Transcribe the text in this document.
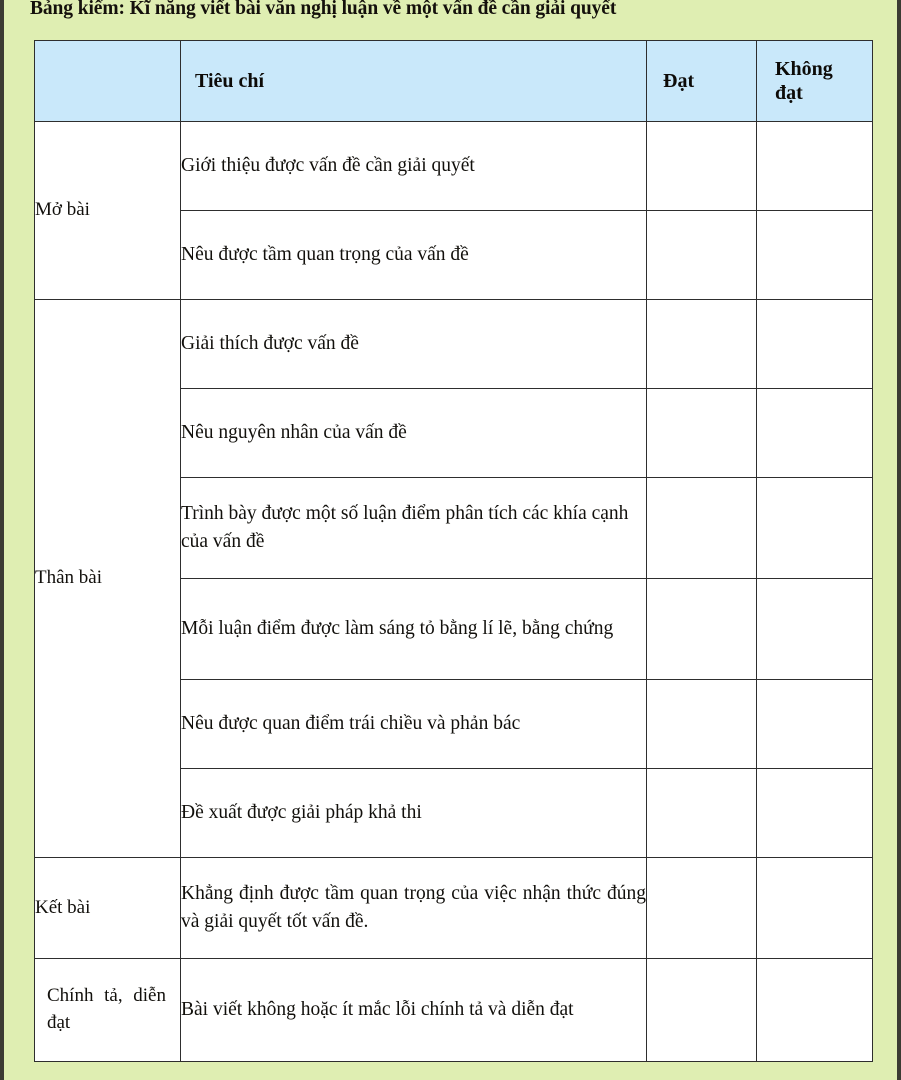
Bảng kiểm: Kĩ năng viết bài văn nghị luận về một vấn đề cần giải quyết

	Tiêu chí	Đạt	Không đạt

Mở bài	Giới thiệu được vấn đề cần giải quyết		
	Nêu được tầm quan trọng của vấn đề		
Thân bài	Giải thích được vấn đề		
	Nêu nguyên nhân của vấn đề		
	Trình bày được một số luận điểm phân tích các khía cạnh của vấn đề		
	Mỗi luận điểm được làm sáng tỏ bằng lí lẽ, bằng chứng		
	Nêu được quan điểm trái chiều và phản bác		
	Đề xuất được giải pháp khả thi		
Kết bài	Khẳng định được tầm quan trọng của việc nhận thức đúng và giải quyết tốt vấn đề.		
Chính tả, diễn đạt	Bài viết không hoặc ít mắc lỗi chính tả và diễn đạt		
